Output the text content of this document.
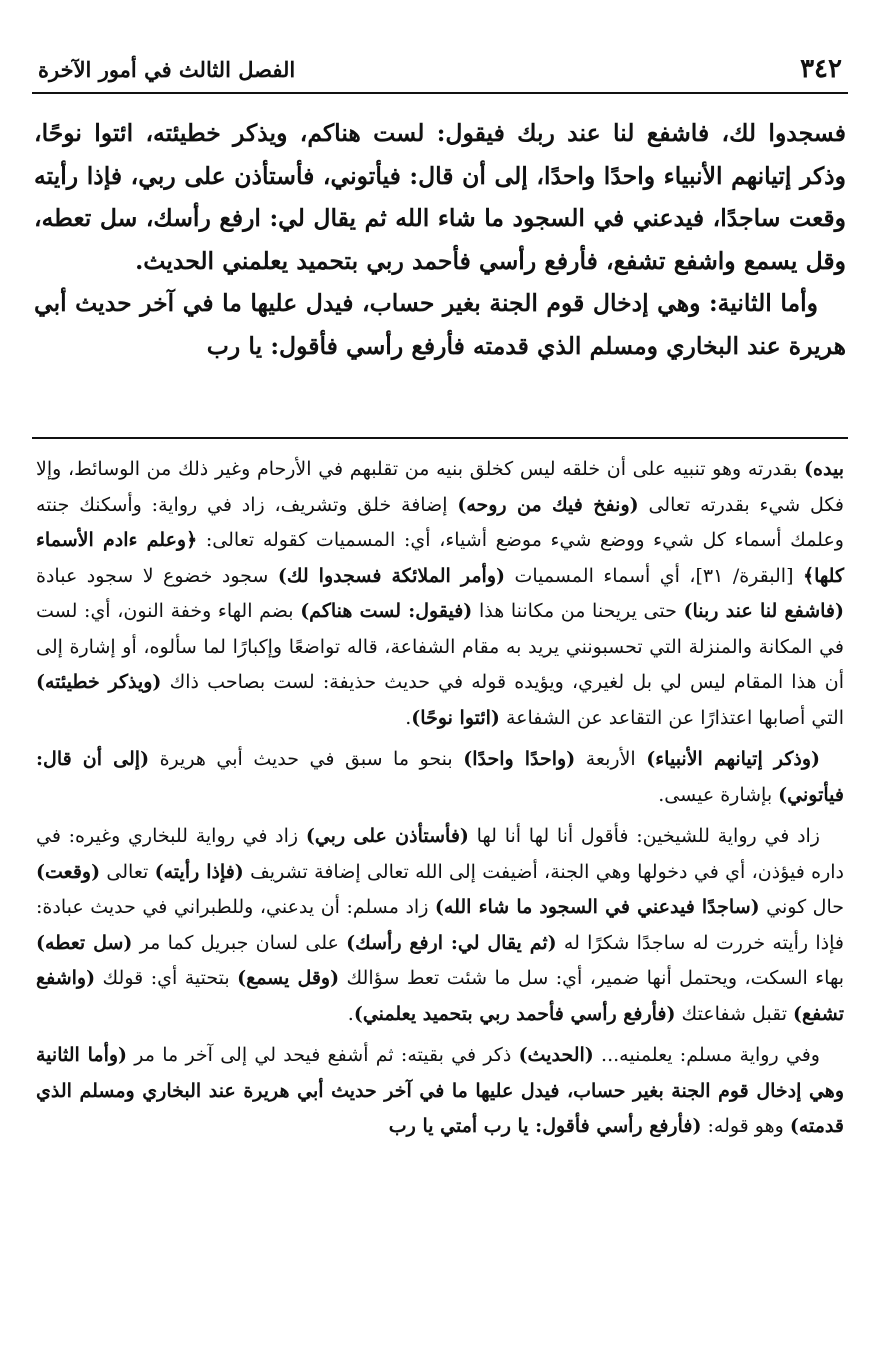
٣٤٢
الفصل الثالث في أمور الآخرة

فسجدوا لك، فاشفع لنا عند ربك فيقول: لست هناكم، ويذكر خطيئته، ائتوا نوحًا، وذكر إتيانهم الأنبياء واحدًا واحدًا، إلى أن قال: فيأتوني، فأستأذن على ربي، فإذا رأيته وقعت ساجدًا، فيدعني في السجود ما شاء الله ثم يقال لي: ارفع رأسك، سل تعطه، وقل يسمع واشفع تشفع، فأرفع رأسي فأحمد ربي بتحميد يعلمني الحديث.

وأما الثانية: وهي إدخال قوم الجنة بغير حساب، فيدل عليها ما في آخر حديث أبي هريرة عند البخاري ومسلم الذي قدمته فأرفع رأسي فأقول: يا رب

بيده) بقدرته وهو تنبيه على أن خلقه ليس كخلق بنيه من تقلبهم في الأرحام وغير ذلك من الوسائط، وإلا فكل شيء بقدرته تعالى (ونفخ فيك من روحه) إضافة خلق وتشريف، زاد في رواية: وأسكنك جنته وعلمك أسماء كل شيء ووضع شيء موضع أشياء، أي: المسميات كقوله تعالى: ﴿وعلم ءادم الأسماء كلها﴾ [البقرة/ ٣١]، أي أسماء المسميات (وأمر الملائكة فسجدوا لك) سجود خضوع لا سجود عبادة (فاشفع لنا عند ربنا) حتى يريحنا من مكاننا هذا (فيقول: لست هناكم) بضم الهاء وخفة النون، أي: لست في المكانة والمنزلة التي تحسبونني يريد به مقام الشفاعة، قاله تواضعًا وإكبارًا لما سألوه، أو إشارة إلى أن هذا المقام ليس لي بل لغيري، ويؤيده قوله في حديث حذيفة: لست بصاحب ذاك (ويذكر خطيئته) التي أصابها اعتذارًا عن التقاعد عن الشفاعة (ائتوا نوحًا).

(وذكر إتيانهم الأنبياء) الأربعة (واحدًا واحدًا) بنحو ما سبق في حديث أبي هريرة (إلى أن قال: فيأتوني) بإشارة عيسى.

زاد في رواية للشيخين: فأقول أنا لها أنا لها (فأستأذن على ربي) زاد في رواية للبخاري وغيره: في داره فيؤذن، أي في دخولها وهي الجنة، أضيفت إلى الله تعالى إضافة تشريف (فإذا رأيته) تعالى (وقعت) حال كوني (ساجدًا فيدعني في السجود ما شاء الله) زاد مسلم: أن يدعني، وللطبراني في حديث عبادة: فإذا رأيته خررت له ساجدًا شكرًا له (ثم يقال لي: ارفع رأسك) على لسان جبريل كما مر (سل تعطه) بهاء السكت، ويحتمل أنها ضمير، أي: سل ما شئت تعط سؤالك (وقل يسمع) بتحتية أي: قولك (واشفع تشفع) تقبل شفاعتك (فأرفع رأسي فأحمد ربي بتحميد يعلمني).

وفي رواية مسلم: يعلمنيه... (الحديث) ذكر في بقيته: ثم أشفع فيحد لي إلى آخر ما مر (وأما الثانية وهي إدخال قوم الجنة بغير حساب، فيدل عليها ما في آخر حديث أبي هريرة عند البخاري ومسلم الذي قدمته) وهو قوله: (فأرفع رأسي فأقول: يا رب أمتي يا رب
